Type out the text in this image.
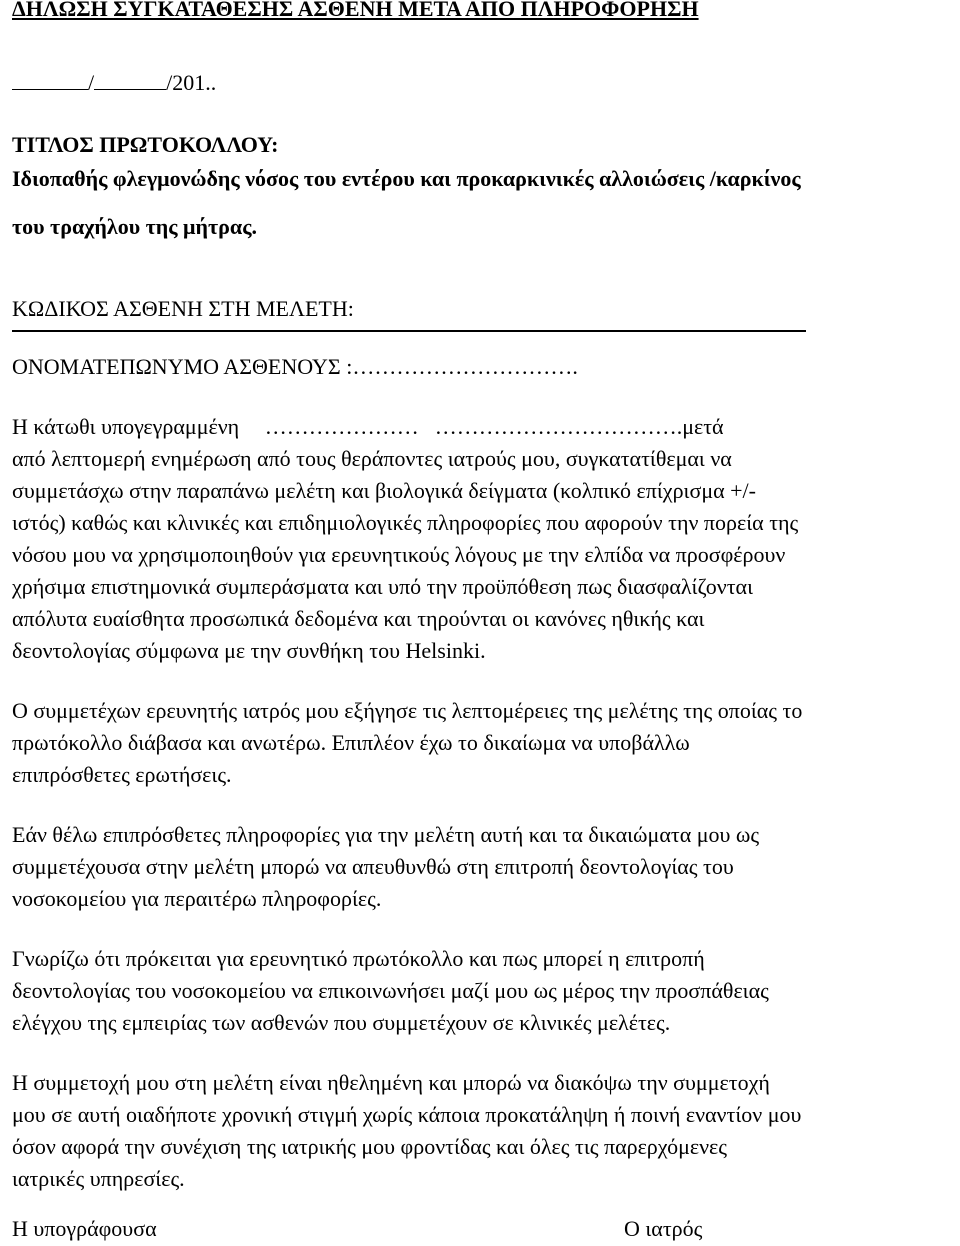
ΔΗΛΩΣΗ ΣΥΓΚΑΤΑΘΕΣΗΣ ΑΣΘΕΝΗ ΜΕΤΑ ΑΠΟ ΠΛΗΡΟΦΟΡΗΣΗ
/	/201..
ΤΙΤΛΟΣ ΠΡΩΤΟΚΟΛΛΟΥ:
Ιδιοπαθής φλεγμονώδης νόσος του εντέρου και προκαρκινικές αλλοιώσεις /καρκίνος
του τραχήλου της μήτρας.
ΚΩΔΙΚΟΣ ΑΣΘΕΝΗ ΣΤΗ ΜΕΛΕΤΗ:
ΟΝΟΜΑΤΕΠΩΝΥΜΟ ΑΣΘΕΝΟΥΣ :………………………….
Η κάτωθι υπογεγραμμένη ………………… …………………………….μετά
από λεπτομερή ενημέρωση από τους θεράποντες ιατρούς μου, συγκατατίθεμαι να
συμμετάσχω στην παραπάνω μελέτη και βιολογικά δείγματα (κολπικό επίχρισμα +/-
ιστός) καθώς και κλινικές και επιδημιολογικές πληροφορίες που αφορούν την πορεία της
νόσου μου να χρησιμοποιηθούν για ερευνητικούς λόγους με την ελπίδα να προσφέρουν
χρήσιμα επιστημονικά συμπεράσματα και υπό την προϋπόθεση πως διασφαλίζονται
απόλυτα ευαίσθητα προσωπικά δεδομένα και τηρούνται οι κανόνες ηθικής και
δεοντολογίας σύμφωνα με την συνθήκη του Helsinki.
Ο συμμετέχων ερευνητής ιατρός μου εξήγησε τις λεπτομέρειες της μελέτης της οποίας το
πρωτόκολλο διάβασα και ανωτέρω. Επιπλέον έχω το δικαίωμα να υποβάλλω
επιπρόσθετες ερωτήσεις.
Εάν θέλω επιπρόσθετες πληροφορίες για την μελέτη αυτή και τα δικαιώματα μου ως
συμμετέχουσα στην μελέτη μπορώ να απευθυνθώ στη επιτροπή δεοντολογίας του
νοσοκομείου για περαιτέρω πληροφορίες.
Γνωρίζω ότι πρόκειται για ερευνητικό πρωτόκολλο και πως μπορεί η επιτροπή
δεοντολογίας του νοσοκομείου να επικοινωνήσει μαζί μου ως μέρος την προσπάθειας
ελέγχου της εμπειρίας των ασθενών που συμμετέχουν σε κλινικές μελέτες.
Η συμμετοχή μου στη μελέτη είναι ηθελημένη και μπορώ να διακόψω την συμμετοχή
μου σε αυτή οιαδήποτε χρονική στιγμή χωρίς κάποια προκατάληψη ή ποινή εναντίον μου
όσον αφορά την συνέχιση της ιατρικής μου φροντίδας και όλες τις παρερχόμενες
ιατρικές υπηρεσίες.
Η υπογράφουσα	Ο ιατρός
